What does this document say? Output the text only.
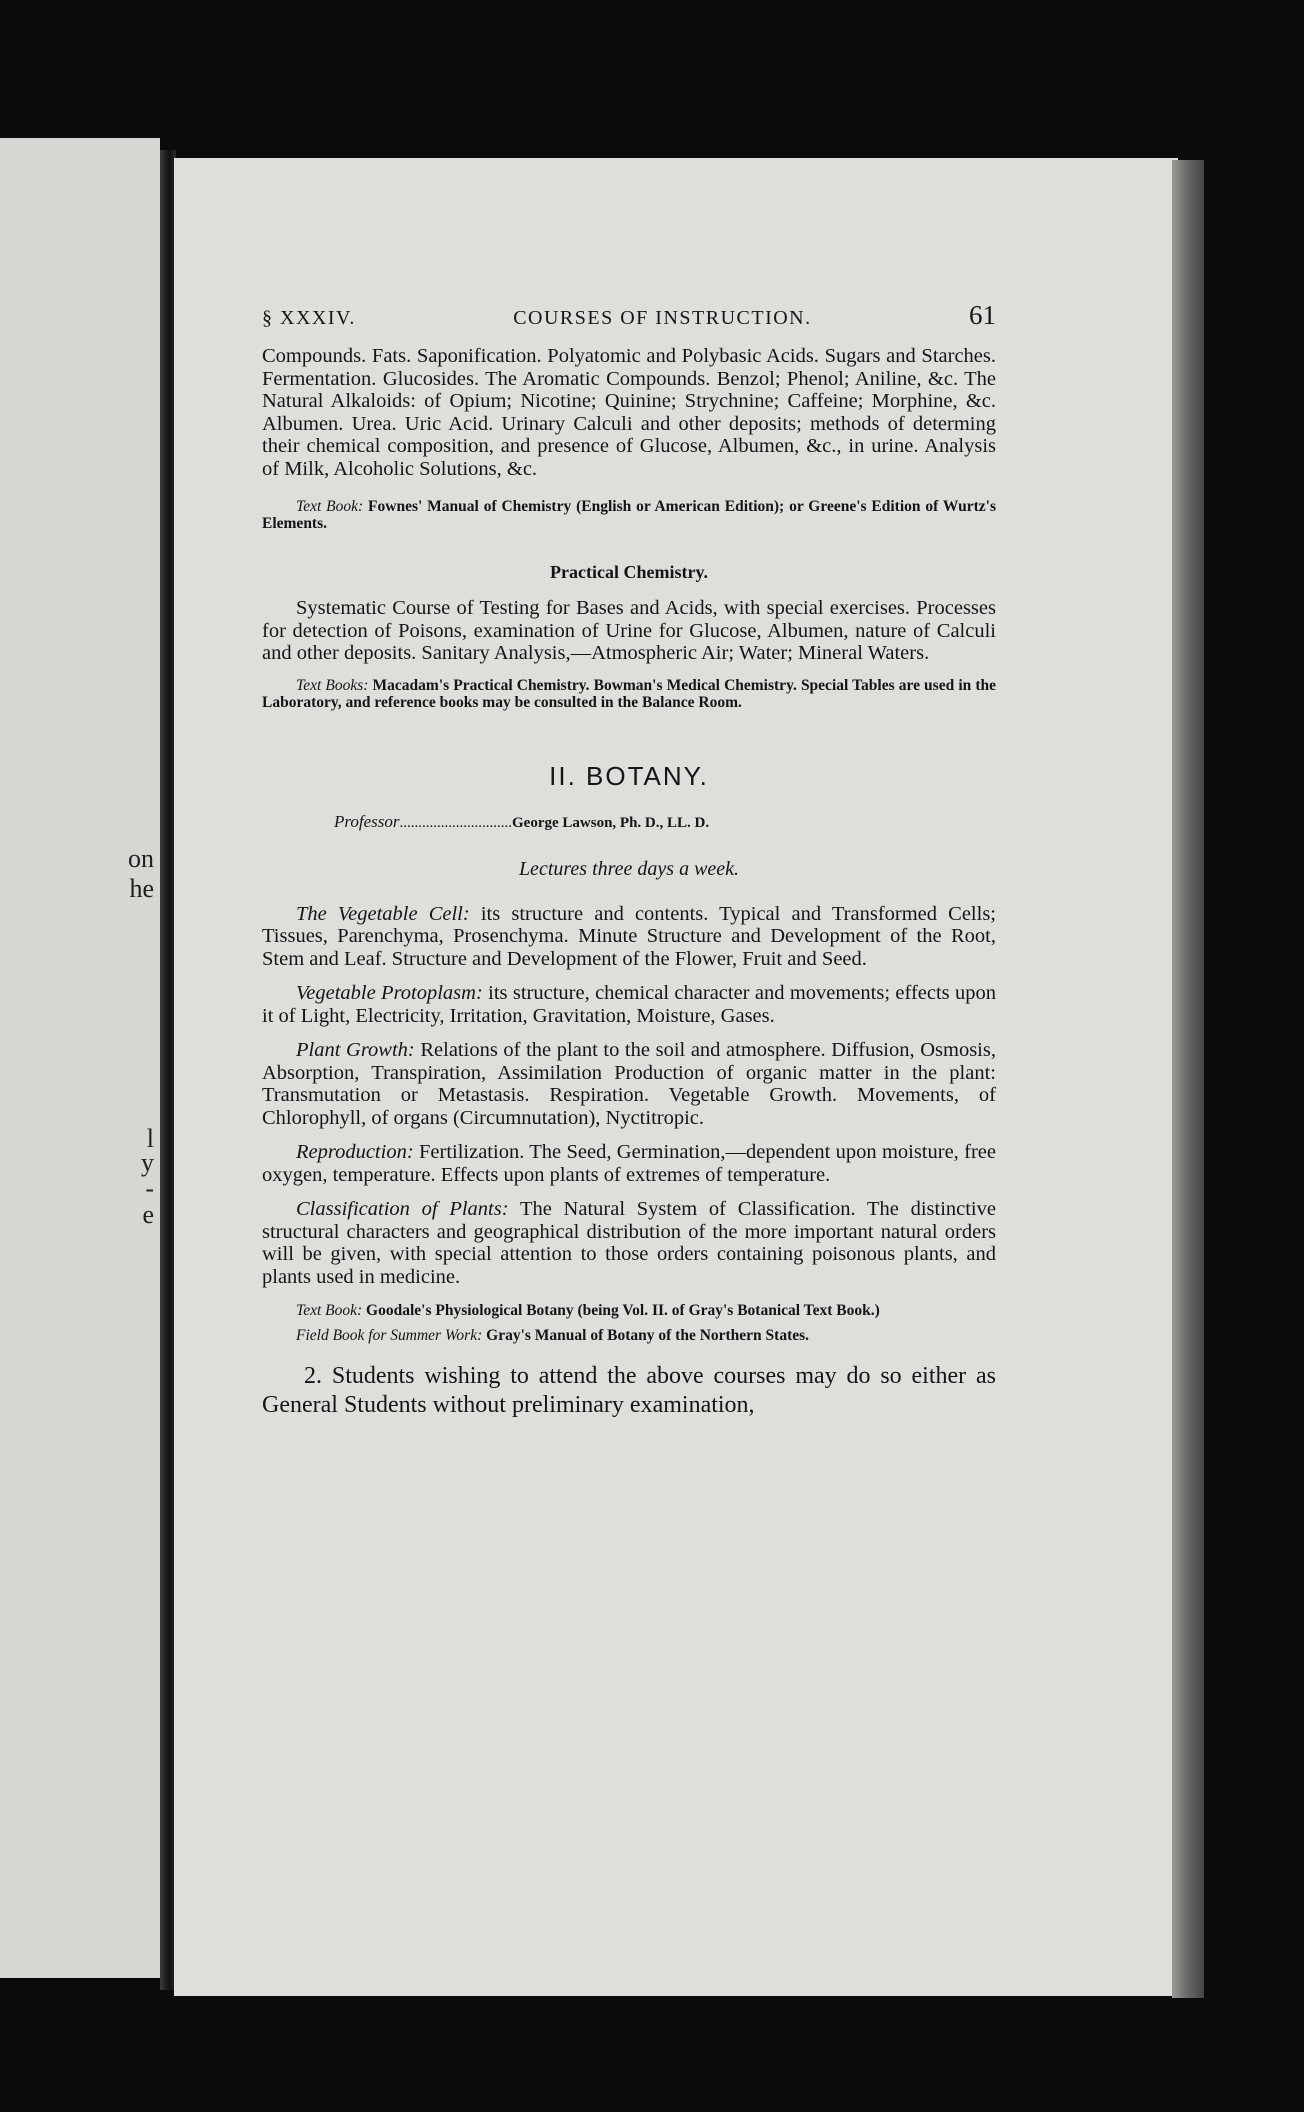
on
he
l
y
-
e
§ XXXIV.	COURSES OF INSTRUCTION.	61

Compounds. Fats. Saponification. Polyatomic and Polybasic Acids. Sugars and Starches. Fermentation. Glucosides. The Aromatic Compounds. Benzol; Phenol; Aniline, &c. The Natural Alkaloids: of Opium; Nicotine; Quinine; Strychnine; Caffeine; Morphine, &c. Albumen. Urea. Uric Acid. Urinary Calculi and other deposits; methods of determing their chemical composition, and presence of Glucose, Albumen, &c., in urine. Analysis of Milk, Alcoholic Solutions, &c.

Text Book: Fownes' Manual of Chemistry (English or American Edition); or Greene's Edition of Wurtz's Elements.

Practical Chemistry.

Systematic Course of Testing for Bases and Acids, with special exercises. Processes for detection of Poisons, examination of Urine for Glucose, Albumen, nature of Calculi and other deposits. Sanitary Analysis,—Atmospheric Air; Water; Mineral Waters.

Text Books: Macadam's Practical Chemistry. Bowman's Medical Chemistry. Special Tables are used in the Laboratory, and reference books may be consulted in the Balance Room.

II. BOTANY.
Professor..............................George Lawson, Ph. D., LL. D.
Lectures three days a week.

The Vegetable Cell: its structure and contents. Typical and Transformed Cells; Tissues, Parenchyma, Prosenchyma. Minute Structure and Development of the Root, Stem and Leaf. Structure and Development of the Flower, Fruit and Seed.

Vegetable Protoplasm: its structure, chemical character and movements; effects upon it of Light, Electricity, Irritation, Gravitation, Moisture, Gases.

Plant Growth: Relations of the plant to the soil and atmosphere. Diffusion, Osmosis, Absorption, Transpiration, Assimilation Production of organic matter in the plant: Transmutation or Metastasis. Respiration. Vegetable Growth. Movements, of Chlorophyll, of organs (Circumnutation), Nyctitropic.

Reproduction: Fertilization. The Seed, Germination,—dependent upon moisture, free oxygen, temperature. Effects upon plants of extremes of temperature.

Classification of Plants: The Natural System of Classification. The distinctive structural characters and geographical distribution of the more important natural orders will be given, with special attention to those orders containing poisonous plants, and plants used in medicine.

Text Book: Goodale's Physiological Botany (being Vol. II. of Gray's Botanical Text Book.)

Field Book for Summer Work: Gray's Manual of Botany of the Northern States.

2. Students wishing to attend the above courses may do so either as General Students without preliminary examination,
